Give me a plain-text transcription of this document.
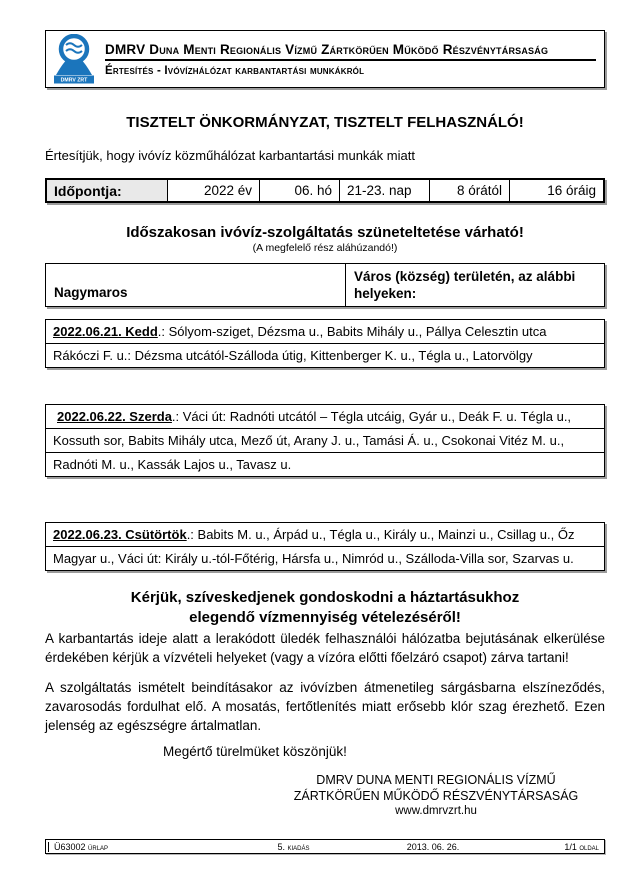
DMRV ZRT
DMRV Duna Menti Regionális Vízmű Zártkörűen Működő Részvénytársaság
Értesítés - Ivóvízhálózat karbantartási munkákról
TISZTELT ÖNKORMÁNYZAT, TISZTELT FELHASZNÁLÓ!
Értesítjük, hogy ivóvíz közműhálózat karbantartási munkák miatt
Időpontja:	2022 év	06. hó	21-23. nap	8 órától	16 óráig
Időszakosan ivóvíz-szolgáltatás szüneteltetése várható!
(A megfelelő rész aláhúzandó!)
Nagymaros
Város (község) területén, az alábbi helyeken:
2022.06.21. Kedd.: Sólyom-sziget, Dézsma u., Babits Mihály u., Pállya Celesztin utca
Rákóczi F. u.: Dézsma utcától-Szálloda útig, Kittenberger K. u., Tégla u., Latorvölgy
2022.06.22. Szerda.: Váci út: Radnóti utcától – Tégla utcáig, Gyár u., Deák F. u. Tégla u.,
Kossuth sor, Babits Mihály utca, Mező út, Arany J. u., Tamási Á. u., Csokonai Vitéz M. u.,
Radnóti M. u., Kassák Lajos u., Tavasz u.
2022.06.23. Csütörtök.: Babits M. u., Árpád u., Tégla u., Király u., Mainzi u., Csillag u., Őz
Magyar u., Váci út: Király u.-tól-Főtérig, Hársfa u., Nimród u., Szálloda-Villa sor, Szarvas u.
Kérjük, szíveskedjenek gondoskodni a háztartásukhoz
elegendő vízmennyiség vételezéséről!
A karbantartás ideje alatt a lerakódott üledék felhasználói hálózatba bejutásának elkerülése érdekében kérjük a vízvételi helyeket (vagy a vízóra előtti főelzáró csapot) zárva tartani!
A szolgáltatás ismételt beindításakor az ivóvízben átmenetileg sárgásbarna elszíneződés, zavarosodás fordulhat elő. A mosatás, fertőtlenítés miatt erősebb klór szag érezhető. Ezen jelenség az egészségre ártalmatlan.
Megértő türelmüket köszönjük!
DMRV DUNA MENTI REGIONÁLIS VÍZMŰ
ZÁRTKÖRŰEN MŰKÖDŐ RÉSZVÉNYTÁRSASÁG
www.dmrvzrt.hu
Ü63002 űrlap	5. kiadás	2013. 06. 26.	1/1 oldal
